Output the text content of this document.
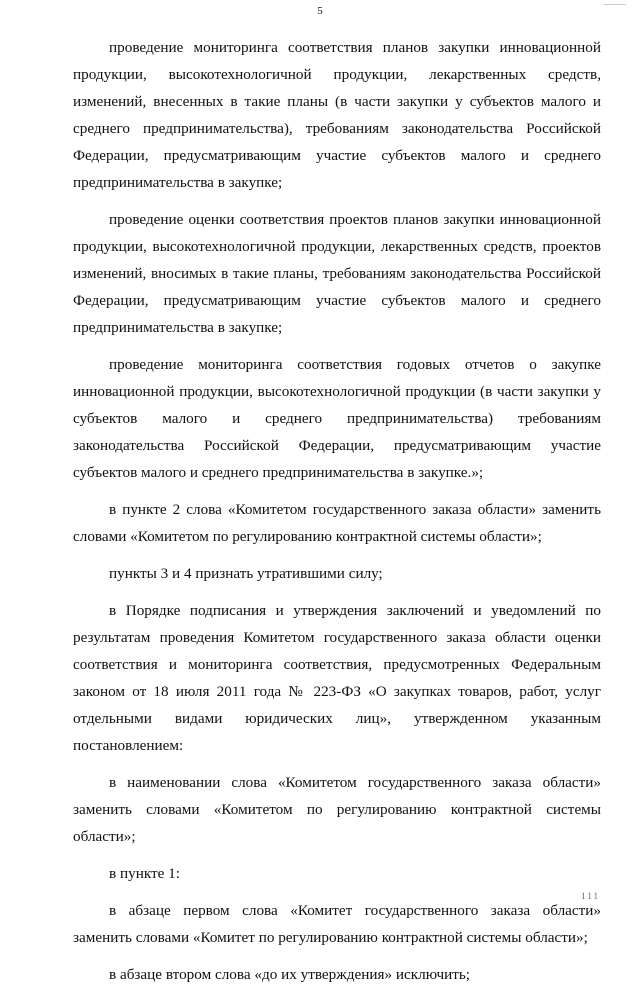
5

проведение мониторинга соответствия планов закупки инновационной продукции, высокотехнологичной продукции, лекарственных средств, изменений, внесенных в такие планы (в части закупки у субъектов малого и среднего предпринимательства), требованиям законодательства Российской Федерации, предусматривающим участие субъектов малого и среднего предпринимательства в закупке;

проведение оценки соответствия проектов планов закупки инновационной продукции, высокотехнологичной продукции, лекарственных средств, проектов изменений, вносимых в такие планы, требованиям законодательства Российской Федерации, предусматривающим участие субъектов малого и среднего предпринимательства в закупке;

проведение мониторинга соответствия годовых отчетов о закупке инновационной продукции, высокотехнологичной продукции (в части закупки у субъектов малого и среднего предпринимательства) требованиям законодательства Российской Федерации, предусматривающим участие субъектов малого и среднего предпринимательства в закупке.»;

в пункте 2 слова «Комитетом государственного заказа области» заменить словами «Комитетом по регулированию контрактной системы области»;

пункты 3 и 4 признать утратившими силу;

в Порядке подписания и утверждения заключений и уведомлений по результатам проведения Комитетом государственного заказа области оценки соответствия и мониторинга соответствия, предусмотренных Федеральным законом от 18 июля 2011 года № 223-ФЗ «О закупках товаров, работ, услуг отдельными видами юридических лиц», утвержденном указанным постановлением:

в наименовании слова «Комитетом государственного заказа области» заменить словами «Комитетом по регулированию контрактной системы области»;

в пункте 1:

в абзаце первом слова «Комитет государственного заказа области» заменить словами «Комитет по регулированию контрактной системы области»;

в абзаце втором слова «до их утверждения» исключить;

111
